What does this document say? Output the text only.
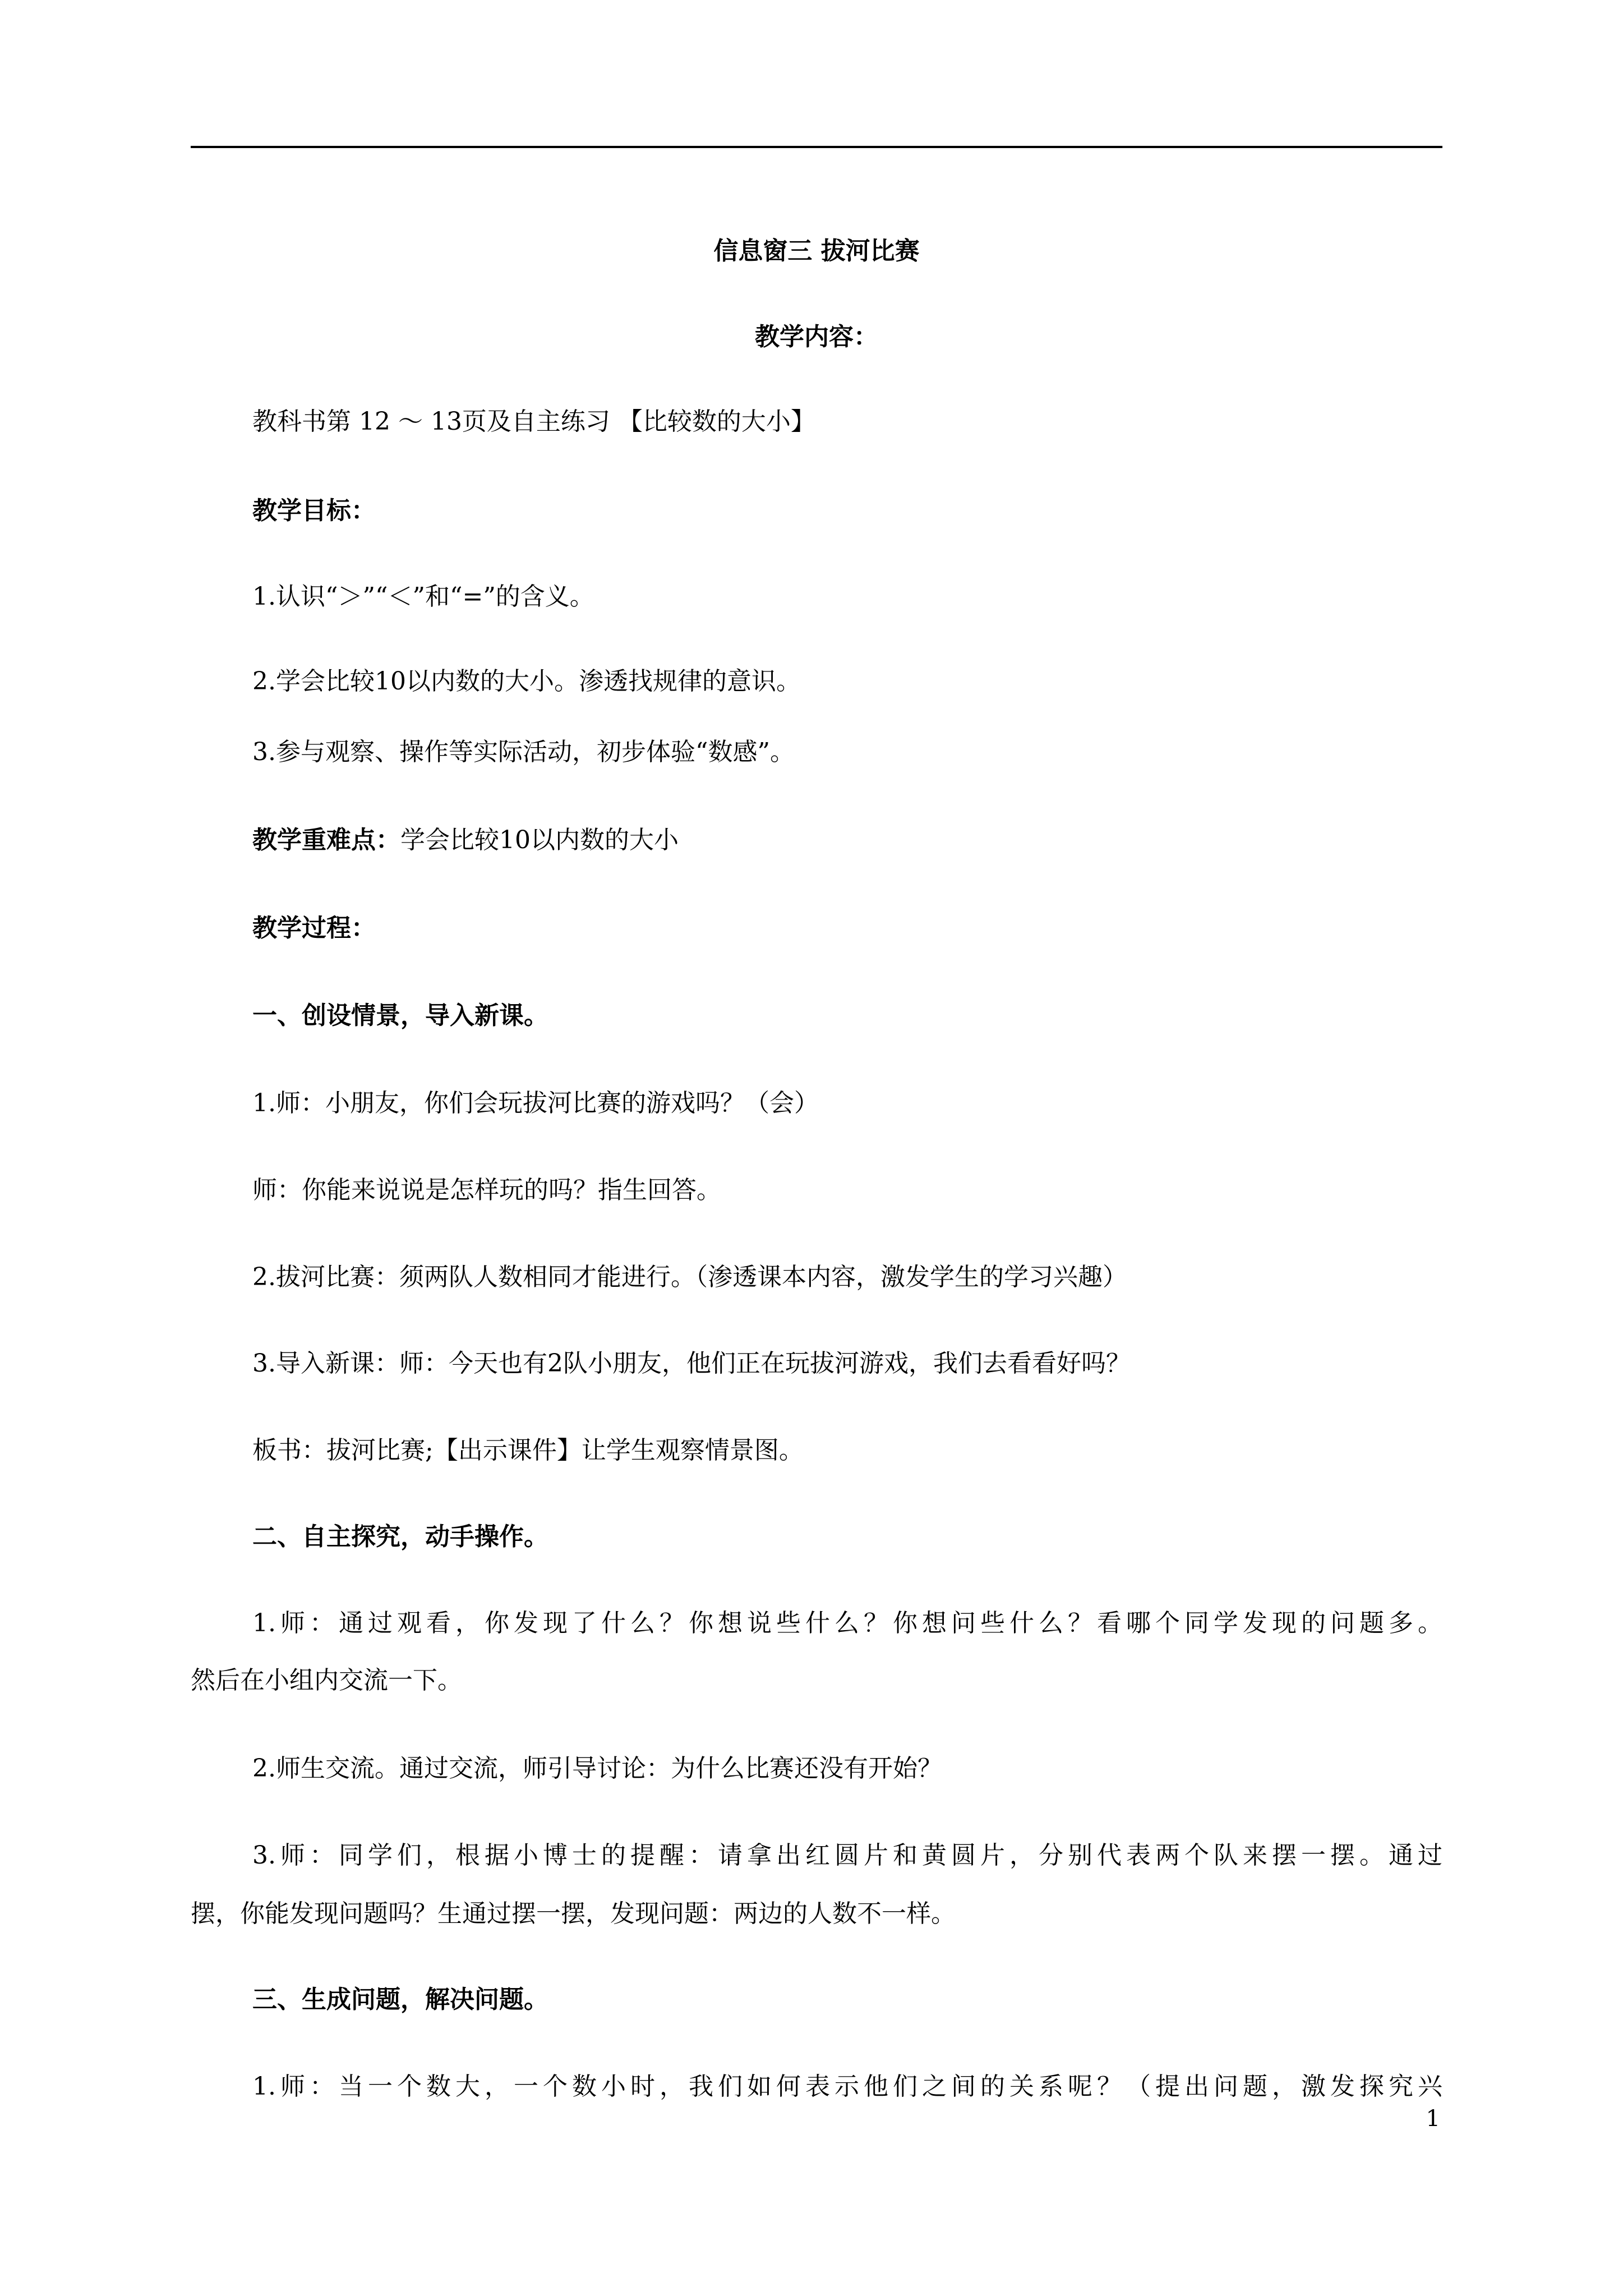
信息窗三 拔河比赛
教学内容：
教科书第 12 ～ 13页及自主练习 【比较数的大小】
教学目标：
1.认识“＞”“＜”和“=”的含义。
2.学会比较10以内数的大小。渗透找规律的意识。
3.参与观察、操作等实际活动，初步体验“数感”。
教学重难点：学会比较10以内数的大小
教学过程：
一、创设情景，导入新课。
1.师：小朋友，你们会玩拔河比赛的游戏吗？（会）
师：你能来说说是怎样玩的吗？指生回答。
2.拔河比赛：须两队人数相同才能进行。（渗透课本内容，激发学生的学习兴趣）
3.导入新课：师：今天也有2队小朋友，他们正在玩拔河游戏，我们去看看好吗？
板书：拔河比赛;【出示课件】让学生观察情景图。
二、自主探究，动手操作。
1.师：通过观看，你发现了什么？你想说些什么？你想问些什么？看哪个同学发现的问题多。
然后在小组内交流一下。
2.师生交流。通过交流，师引导讨论：为什么比赛还没有开始？
3.师：同学们，根据小博士的提醒：请拿出红圆片和黄圆片，分别代表两个队来摆一摆。通过
摆，你能发现问题吗？生通过摆一摆，发现问题：两边的人数不一样。
三、生成问题，解决问题。
1.师：当一个数大，一个数小时，我们如何表示他们之间的关系呢？（提出问题，激发探究兴
1
